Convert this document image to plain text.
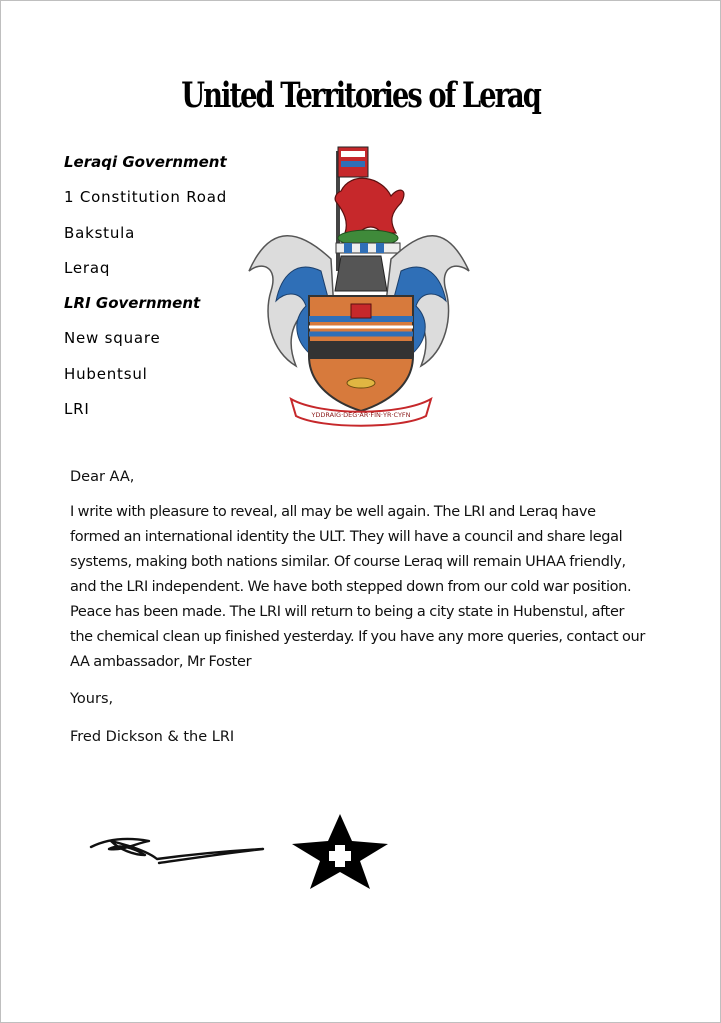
United Territories of Leraq
Leraqi Government
1 Constitution Road
Bakstula
Leraq
LRI Government
New square
Hubentsul
LRI	YDDRAIG·DEG·AR·FIN·YR·CYFN
Dear AA,
I write with pleasure to reveal, all may be well again. The LRI and Leraq have
formed an international identity the ULT. They will have a council and share legal
systems, making both nations similar. Of course Leraq will remain UHAA friendly,
and the LRI independent. We have both stepped down from our cold war position.
Peace has been made. The LRI will return to being a city state in Hubenstul, after
the chemical clean up finished yesterday. If you have any more queries, contact our
AA ambassador, Mr Foster
Yours,
Fred Dickson & the LRI
